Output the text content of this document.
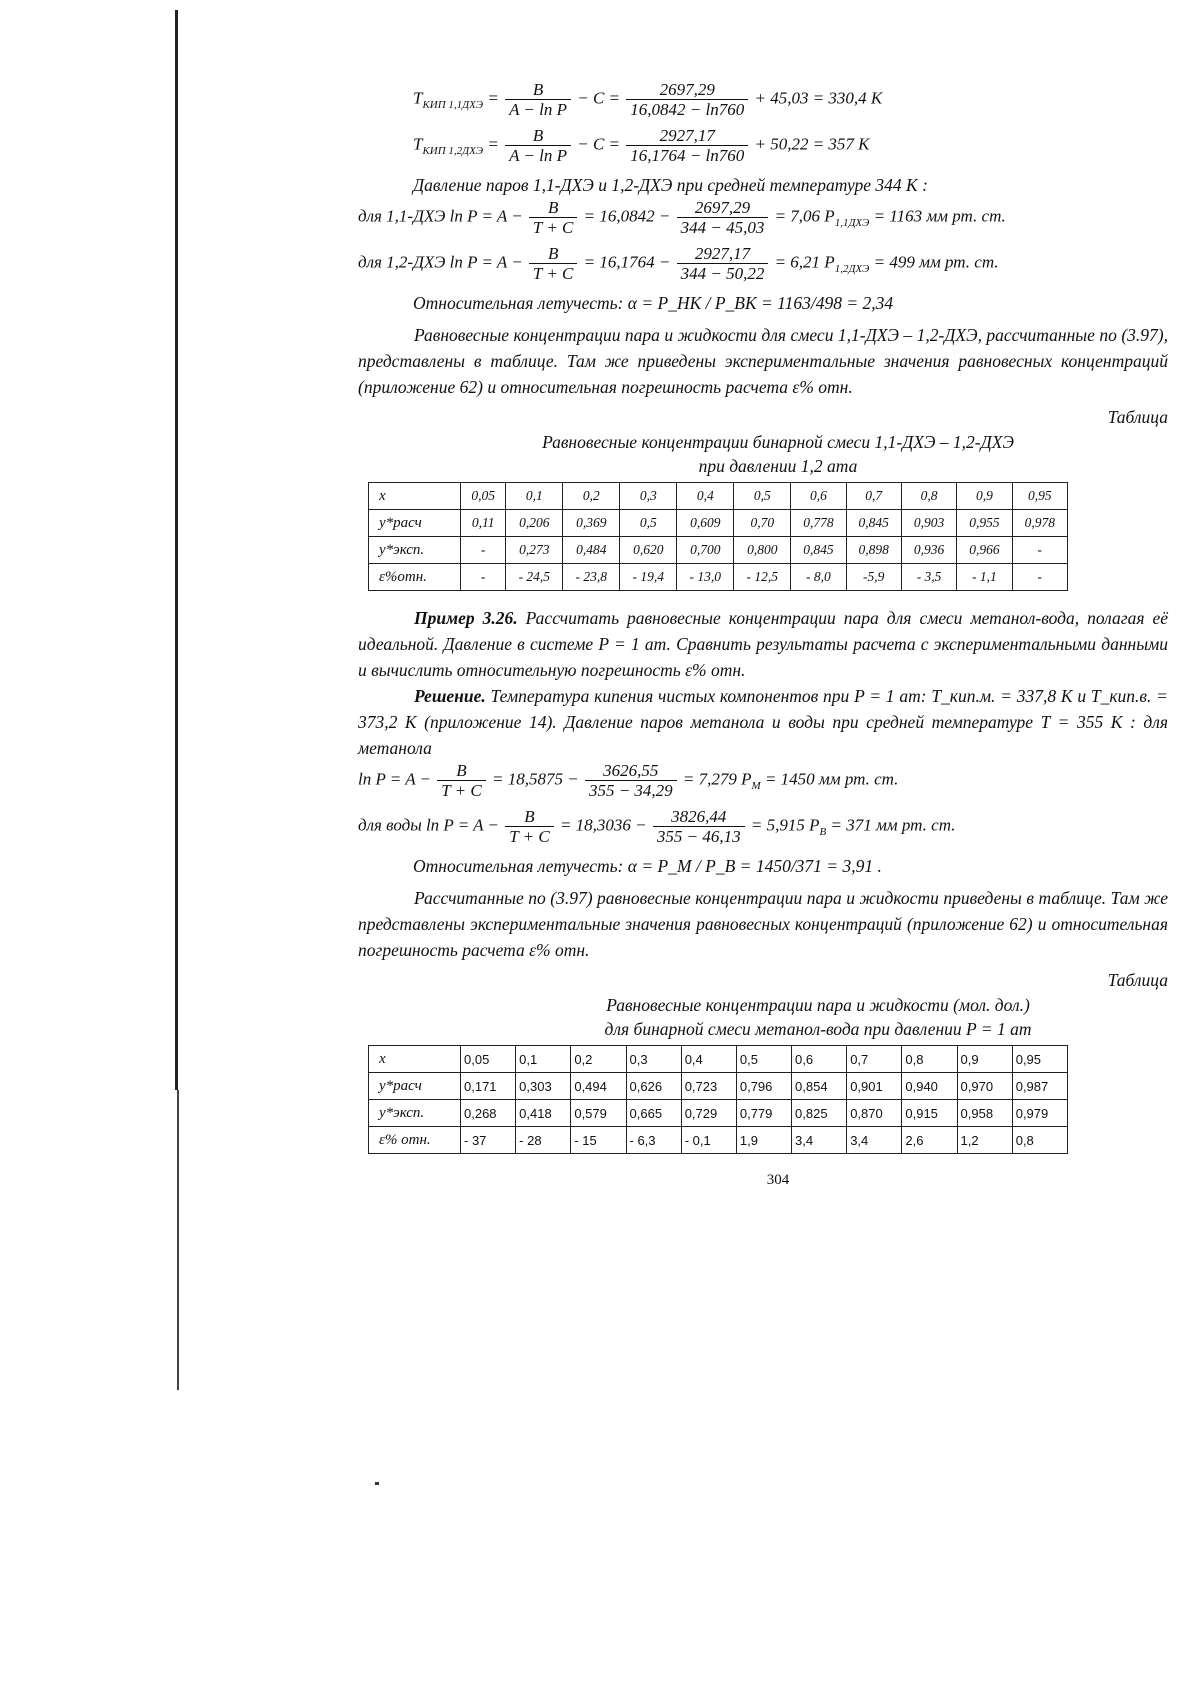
$T_{КИП 1,1ДХЭ} = \frac{B}{\text{A − ln P}} - C = \frac{2697,29}{16,0842 - \ln 760} + 45,03 = 330,4$ K
$T_{КИП 1,2ДХЭ} = \frac{B}{\text{A − ln P}} - C = \frac{2927,17}{16,1764 - \ln 760} + 50,22 = 357$ K
Давление паров 1,1-ДХЭ и 1,2-ДХЭ при средней температуре 344 K :
для 1,1-ДХЭ $\ln P = A - \frac{B}{T + C} = 16,0842 - \frac{2697,29}{344 - 45,03} = 7,06$ $P_{1,1ДХЭ} = 1163$ мм рт. ст.
для 1,2-ДХЭ $\ln P = A - \frac{B}{T + C} = 16,1764 - \frac{2927,17}{344 - 50,22} = 6,21$ $P_{1,2ДХЭ} = 499$ мм рт. ст.
Относительная летучесть: α = P_НК / P_ВК = 1163/498 = 2,34
Равновесные концентрации пара и жидкости для смеси 1,1-ДХЭ – 1,2-ДХЭ, рассчитанные по (3.97), представлены в таблице. Там же приведены экспериментальные значения равновесных концентраций (приложение 62) и относительная погрешность расчета ε% отн.
Таблица
Равновесные концентрации бинарной смеси 1,1-ДХЭ – 1,2-ДХЭ
при давлении 1,2 ата
x	0,05	0,1	0,2	0,3	0,4	0,5	0,6	0,7	0,8	0,9	0,95
y*расч	0,11	0,206	0,369	0,5	0,609	0,70	0,778	0,845	0,903	0,955	0,978
y*эксп.	-	0,273	0,484	0,620	0,700	0,800	0,845	0,898	0,936	0,966	-
ε%отн.	-	- 24,5	- 23,8	- 19,4	- 13,0	- 12,5	- 8,0	-5,9	- 3,5	- 1,1	-
Пример 3.26. Рассчитать равновесные концентрации пара для смеси метанол-вода, полагая её идеальной. Давление в системе P = 1 ат. Сравнить результаты расчета с экспериментальными данными и вычислить относительную погрешность ε% отн.
Решение. Температура кипения чистых компонентов при P = 1 ат: T_кип.м. = 337,8 K и T_кип.в. = 373,2 K (приложение 14). Давление паров метанола и воды при средней температуре T = 355 K : для метанола
$\ln P = A - \frac{B}{T + C} = 18,5875 - \frac{3626,55}{355 - 34,29} = 7,279$ $P_M = 1450$ мм рт. ст.
для воды $\ln P = A - \frac{B}{T + C} = 18,3036 - \frac{3826,44}{355 - 46,13} = 5,915$ $P_B = 371$ мм рт. ст.
Относительная летучесть: α = P_М / P_В = 1450/371 = 3,91 .
Рассчитанные по (3.97) равновесные концентрации пара и жидкости приведены в таблице. Там же представлены экспериментальные значения равновесных концентраций (приложение 62) и относительная погрешность расчета ε% отн.
Таблица
Равновесные концентрации пара и жидкости (мол. дол.)
для бинарной смеси метанол-вода при давлении P = 1 ат
x	0,05	0,1	0,2	0,3	0,4	0,5	0,6	0,7	0,8	0,9	0,95
y*расч	0,171	0,303	0,494	0,626	0,723	0,796	0,854	0,901	0,940	0,970	0,987
y*эксп.	0,268	0,418	0,579	0,665	0,729	0,779	0,825	0,870	0,915	0,958	0,979
ε% отн.	- 37	- 28	- 15	- 6,3	- 0,1	1,9	3,4	3,4	2,6	1,2	0,8
304
